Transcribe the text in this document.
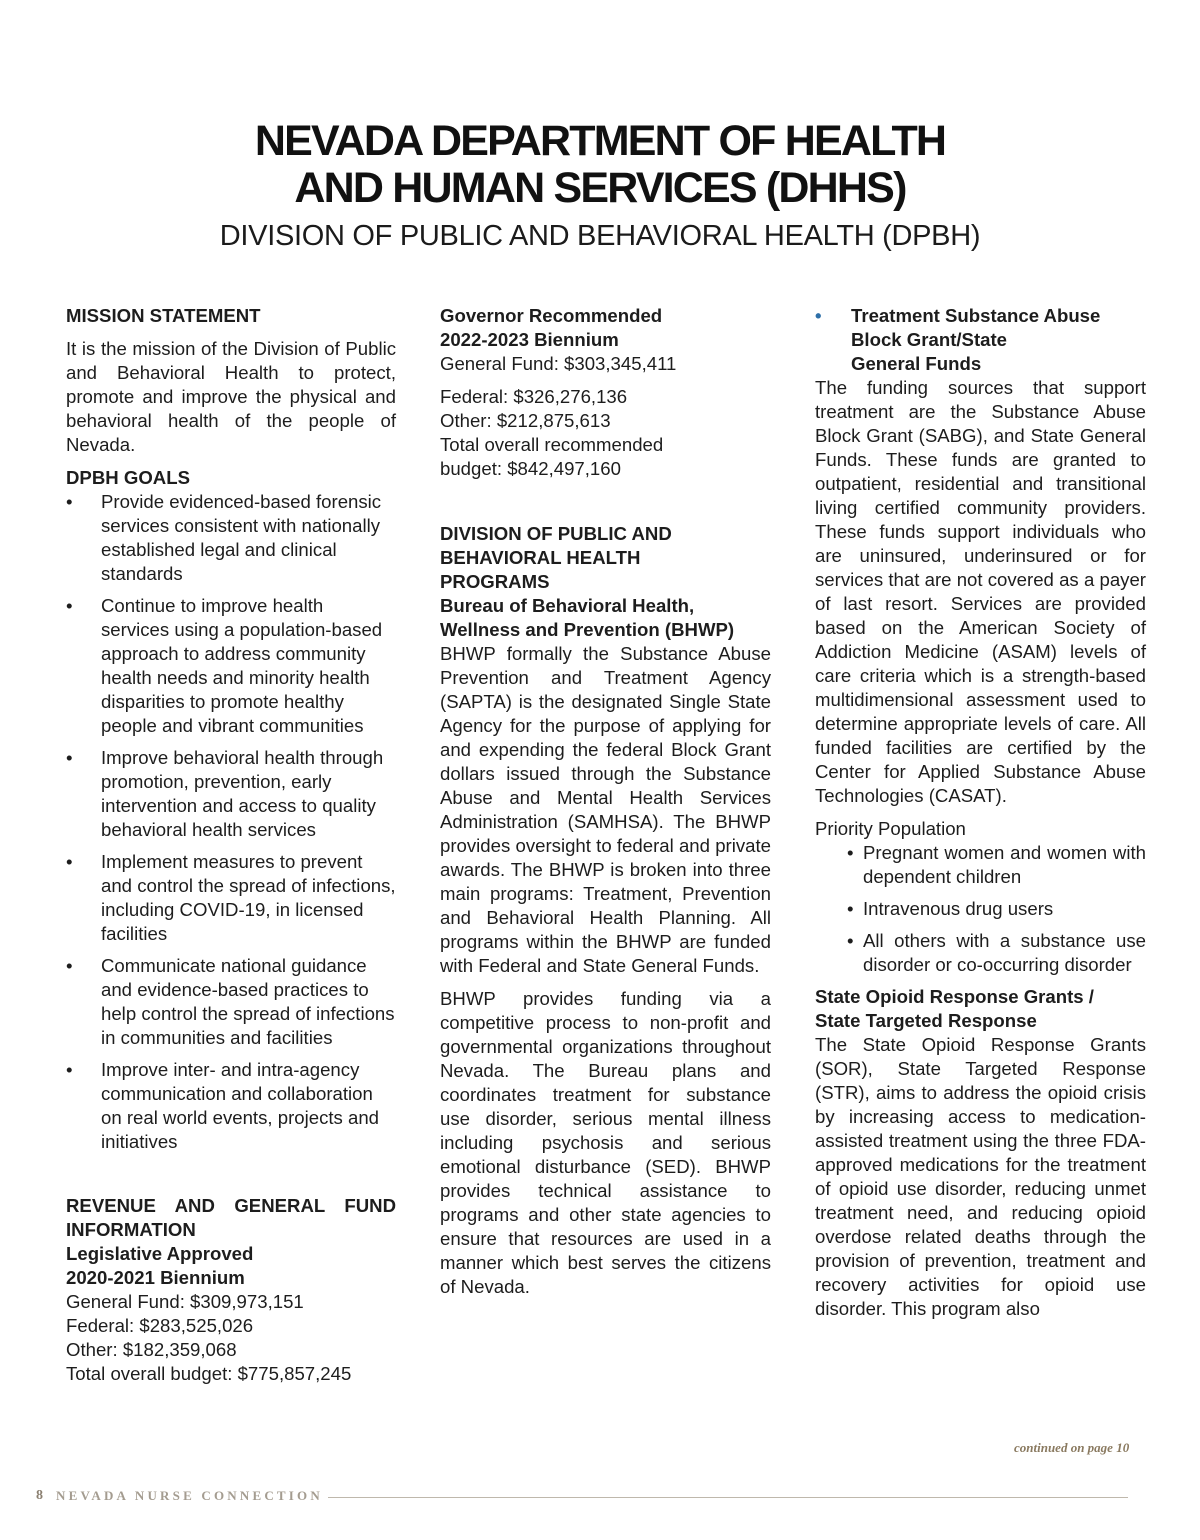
NEVADA DEPARTMENT OF HEALTH
AND HUMAN SERVICES (DHHS)
DIVISION OF PUBLIC AND BEHAVIORAL HEALTH (DPBH)

MISSION STATEMENT

It is the mission of the Division of Public and Behavioral Health to protect, promote and improve the physical and behavioral health of the people of Nevada.

DPBH GOALS

• Provide evidenced-based forensic services consistent with nationally established legal and clinical standards
• Continue to improve health services using a population-based approach to address community health needs and minority health disparities to promote healthy people and vibrant communities
• Improve behavioral health through promotion, prevention, early intervention and access to quality behavioral health services
• Implement measures to prevent and control the spread of infections, including COVID-19, in licensed facilities
• Communicate national guidance and evidence-based practices to help control the spread of infections in communities and facilities
• Improve inter- and intra-agency communication and collaboration on real world events, projects and initiatives

REVENUE AND GENERAL FUND INFORMATION

Legislative Approved

2020-2021 Biennium

General Fund: $309,973,151

Federal: $283,525,026

Other: $182,359,068

Total overall budget: $775,857,245

Governor Recommended

2022-2023 Biennium

General Fund: $303,345,411

Federal: $326,276,136

Other: $212,875,613

Total overall recommended

budget: $842,497,160

DIVISION OF PUBLIC AND BEHAVIORAL HEALTH PROGRAMS

Bureau of Behavioral Health, Wellness and Prevention (BHWP)

BHWP formally the Substance Abuse Prevention and Treatment Agency (SAPTA) is the designated Single State Agency for the purpose of applying for and expending the federal Block Grant dollars issued through the Substance Abuse and Mental Health Services Administration (SAMHSA). The BHWP provides oversight to federal and private awards. The BHWP is broken into three main programs: Treatment, Prevention and Behavioral Health Planning. All programs within the BHWP are funded with Federal and State General Funds.

BHWP provides funding via a competitive process to non-profit and governmental organizations throughout Nevada. The Bureau plans and coordinates treatment for substance use disorder, serious mental illness including psychosis and serious emotional disturbance (SED). BHWP provides technical assistance to programs and other state agencies to ensure that resources are used in a manner which best serves the citizens of Nevada.

•	Treatment Substance Abuse

Block Grant/State

General Funds

The funding sources that support treatment are the Substance Abuse Block Grant (SABG), and State General Funds. These funds are granted to outpatient, residential and transitional living certified community providers. These funds support individuals who are uninsured, underinsured or for services that are not covered as a payer of last resort. Services are provided based on the American Society of Addiction Medicine (ASAM) levels of care criteria which is a strength-based multidimensional assessment used to determine appropriate levels of care. All funded facilities are certified by the Center for Applied Substance Abuse Technologies (CASAT).

Priority Population

• Pregnant women and women with dependent children
• Intravenous drug users
• All others with a substance use disorder or co-occurring disorder

State Opioid Response Grants /

State Targeted Response

The State Opioid Response Grants (SOR), State Targeted Response (STR), aims to address the opioid crisis by increasing access to medication-assisted treatment using the three FDA-approved medications for the treatment of opioid use disorder, reducing unmet treatment need, and reducing opioid overdose related deaths through the provision of prevention, treatment and recovery activities for opioid use disorder. This program also

continued on page 10
8 NEVADA NURSE CONNECTION
